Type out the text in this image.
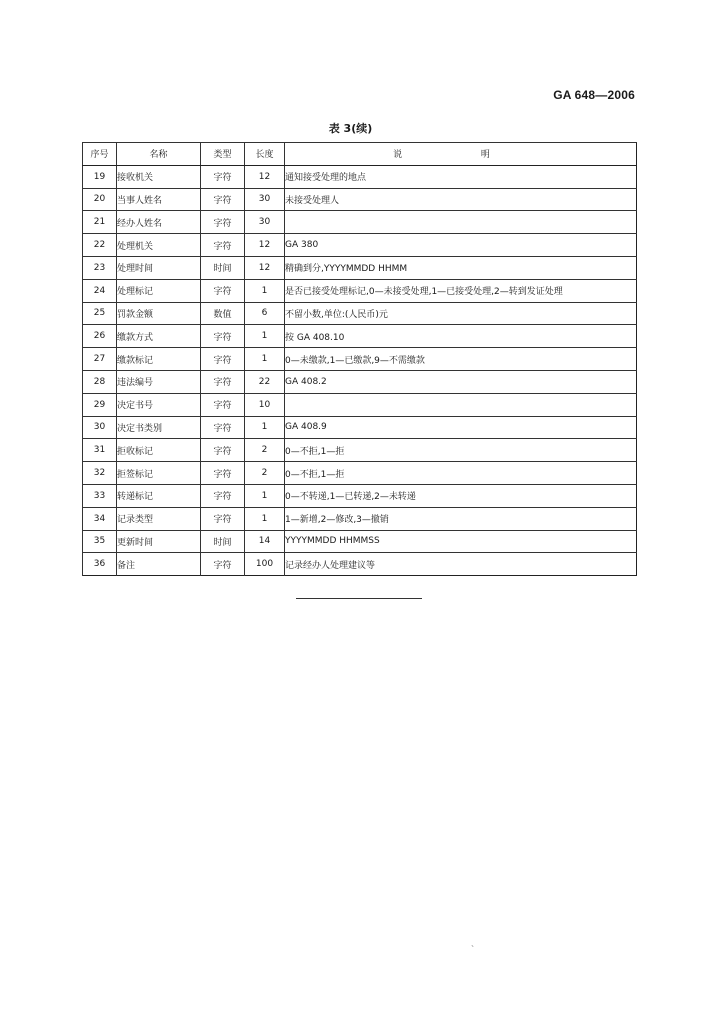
GA 648—2006
表 3(续)
序号	名称	类型	长度	说 明
19	接收机关	字符	12	通知接受处理的地点
20	当事人姓名	字符	30	未接受处理人
21	经办人姓名	字符	30	
22	处理机关	字符	12	GA 380
23	处理时间	时间	12	精确到分,YYYYMMDD HHMM
24	处理标记	字符	1	是否已接受处理标记,0—未接受处理,1—已接受处理,2—转到发证处理
25	罚款金额	数值	6	不留小数,单位:(人民币)元
26	缴款方式	字符	1	按 GA 408.10
27	缴款标记	字符	1	0—未缴款,1—已缴款,9—不需缴款
28	违法编号	字符	22	GA 408.2
29	决定书号	字符	10	
30	决定书类别	字符	1	GA 408.9
31	拒收标记	字符	2	0—不拒,1—拒
32	拒签标记	字符	2	0—不拒,1—拒
33	转递标记	字符	1	0—不转递,1—已转递,2—未转递
34	记录类型	字符	1	1—新增,2—修改,3—撤销
35	更新时间	时间	14	YYYYMMDD HHMMSS
36	备注	字符	100	记录经办人处理建议等
、
